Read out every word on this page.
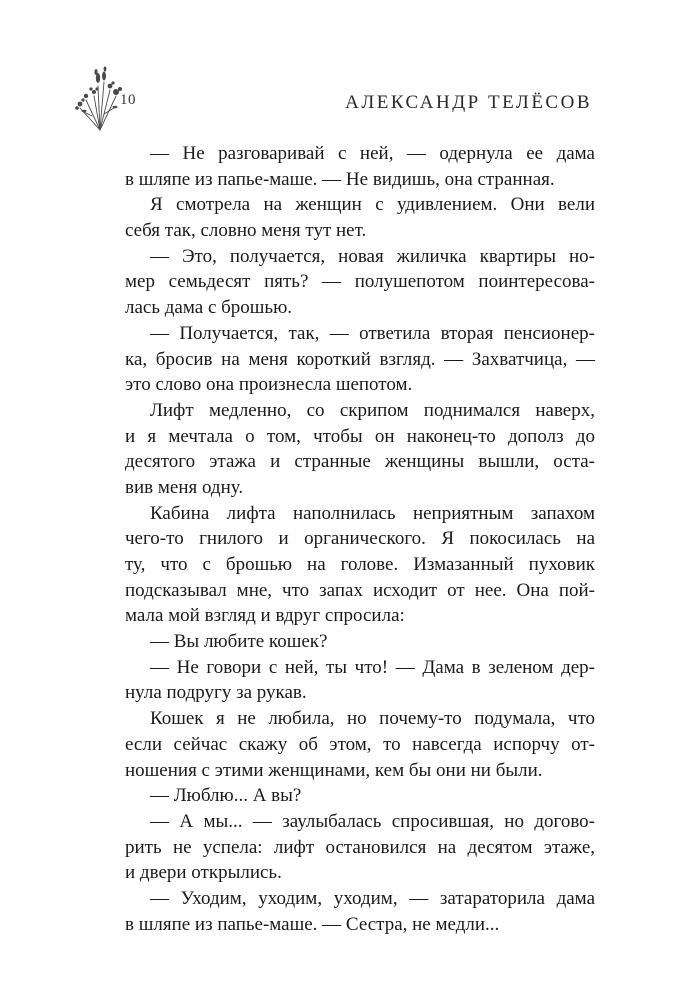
10	АЛЕКСАНДР ТЕЛЁСОВ
— Не разговаривай с ней, — одернула ее дама
в шляпе из папье-маше. — Не видишь, она странная.
Я смотрела на женщин с удивлением. Они вели
себя так, словно меня тут нет.
— Это, получается, новая жиличка квартиры но-
мер семьдесят пять? — полушепотом поинтересова-
лась дама с брошью.
— Получается, так, — ответила вторая пенсионер-
ка, бросив на меня короткий взгляд. — Захватчица, —
это слово она произнесла шепотом.
Лифт медленно, со скрипом поднимался наверх,
и я мечтала о том, чтобы он наконец-то дополз до
десятого этажа и странные женщины вышли, оста-
вив меня одну.
Кабина лифта наполнилась неприятным запахом
чего-то гнилого и органического. Я покосилась на
ту, что с брошью на голове. Измазанный пуховик
подсказывал мне, что запах исходит от нее. Она пой-
мала мой взгляд и вдруг спросила:
— Вы любите кошек?
— Не говори с ней, ты что! — Дама в зеленом дер-
нула подругу за рукав.
Кошек я не любила, но почему-то подумала, что
если сейчас скажу об этом, то навсегда испорчу от-
ношения с этими женщинами, кем бы они ни были.
— Люблю... А вы?
— А мы... — заулыбалась спросившая, но догово-
рить не успела: лифт остановился на десятом этаже,
и двери открылись.
— Уходим, уходим, уходим, — затараторила дама
в шляпе из папье-маше. — Сестра, не медли...
